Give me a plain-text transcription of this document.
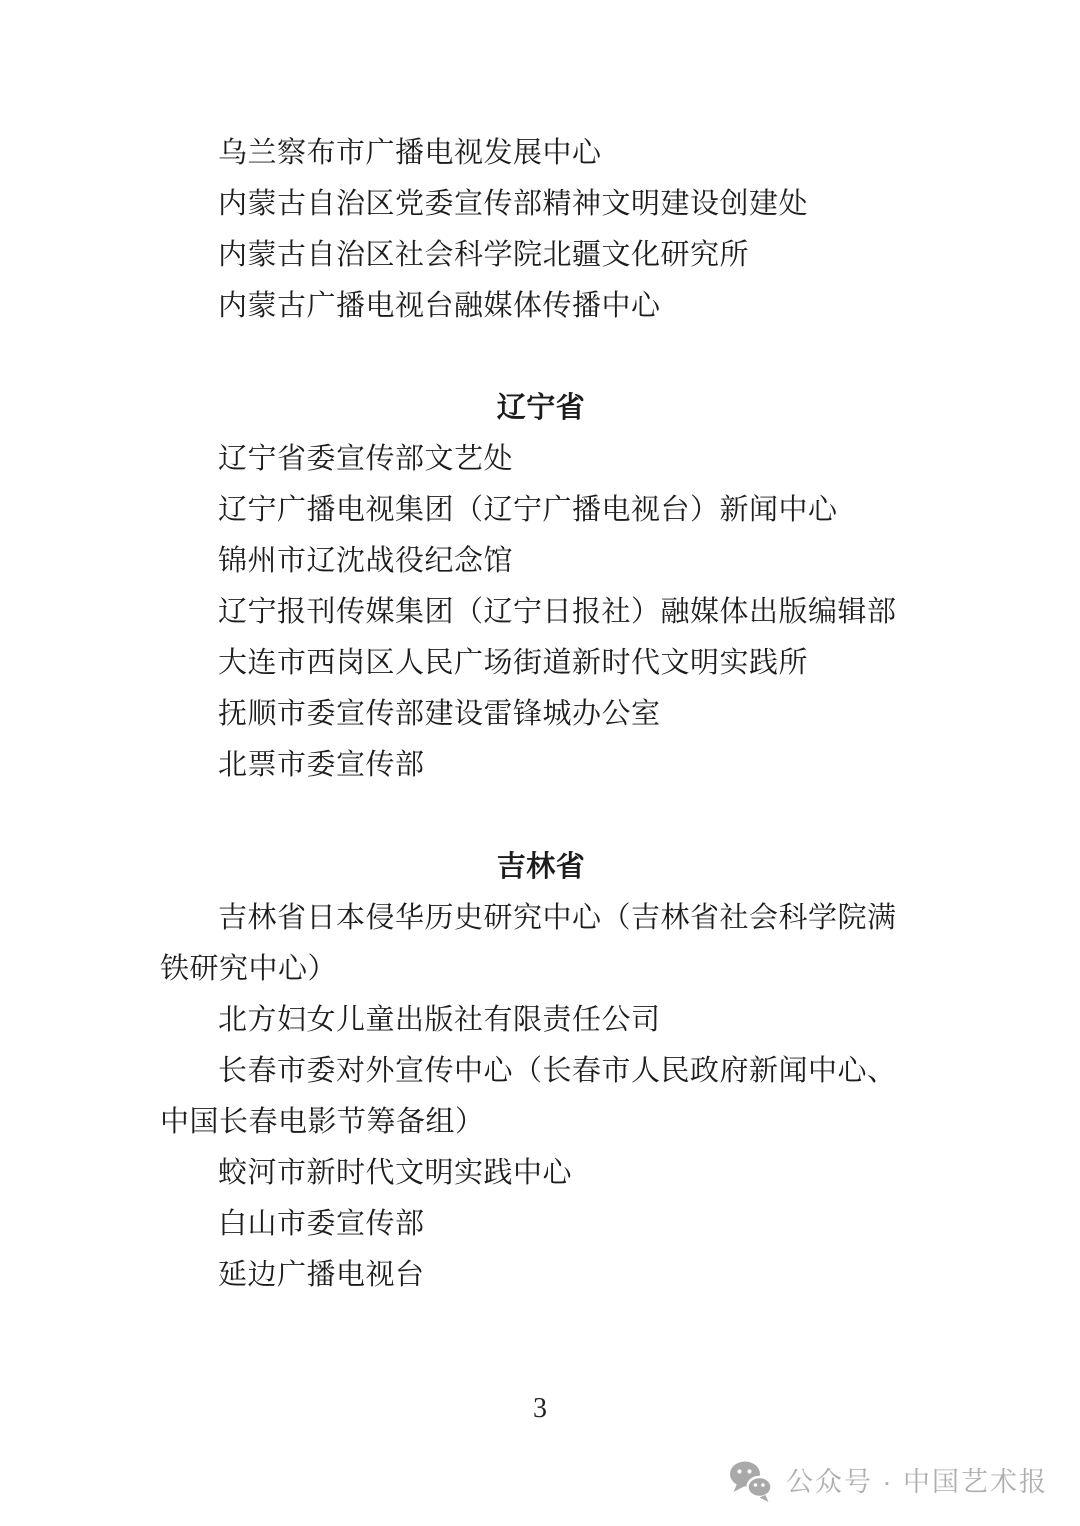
乌兰察布市广播电视发展中心

内蒙古自治区党委宣传部精神文明建设创建处

内蒙古自治区社会科学院北疆文化研究所

内蒙古广播电视台融媒体传播中心

辽宁省

辽宁省委宣传部文艺处

辽宁广播电视集团（辽宁广播电视台）新闻中心

锦州市辽沈战役纪念馆

辽宁报刊传媒集团（辽宁日报社）融媒体出版编辑部

大连市西岗区人民广场街道新时代文明实践所

抚顺市委宣传部建设雷锋城办公室

北票市委宣传部

吉林省

吉林省日本侵华历史研究中心（吉林省社会科学院满铁研究中心）

北方妇女儿童出版社有限责任公司

长春市委对外宣传中心（长春市人民政府新闻中心、中国长春电影节筹备组）

蛟河市新时代文明实践中心

白山市委宣传部

延边广播电视台

3
公众号 · 中国艺术报
